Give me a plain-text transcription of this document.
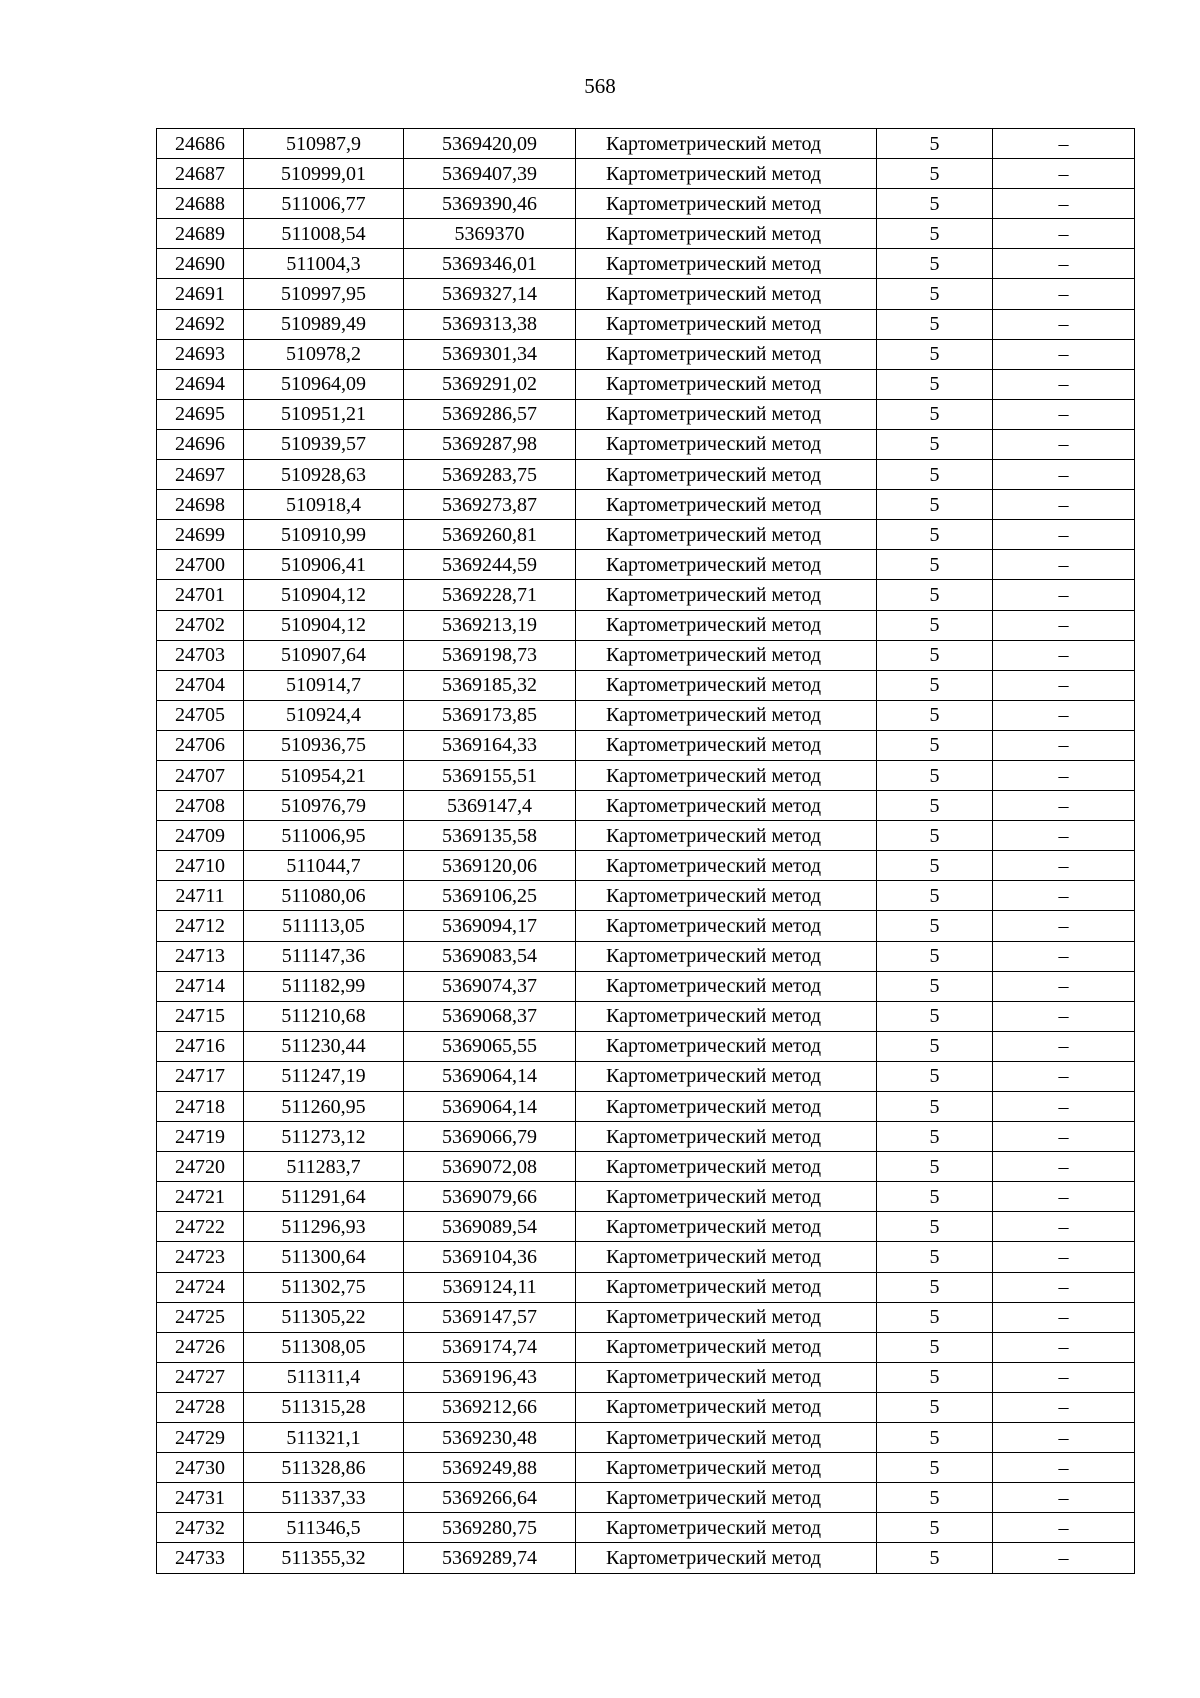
568
24686	510987,9	5369420,09	Картометрический метод	5	–
24687	510999,01	5369407,39	Картометрический метод	5	–
24688	511006,77	5369390,46	Картометрический метод	5	–
24689	511008,54	5369370	Картометрический метод	5	–
24690	511004,3	5369346,01	Картометрический метод	5	–
24691	510997,95	5369327,14	Картометрический метод	5	–
24692	510989,49	5369313,38	Картометрический метод	5	–
24693	510978,2	5369301,34	Картометрический метод	5	–
24694	510964,09	5369291,02	Картометрический метод	5	–
24695	510951,21	5369286,57	Картометрический метод	5	–
24696	510939,57	5369287,98	Картометрический метод	5	–
24697	510928,63	5369283,75	Картометрический метод	5	–
24698	510918,4	5369273,87	Картометрический метод	5	–
24699	510910,99	5369260,81	Картометрический метод	5	–
24700	510906,41	5369244,59	Картометрический метод	5	–
24701	510904,12	5369228,71	Картометрический метод	5	–
24702	510904,12	5369213,19	Картометрический метод	5	–
24703	510907,64	5369198,73	Картометрический метод	5	–
24704	510914,7	5369185,32	Картометрический метод	5	–
24705	510924,4	5369173,85	Картометрический метод	5	–
24706	510936,75	5369164,33	Картометрический метод	5	–
24707	510954,21	5369155,51	Картометрический метод	5	–
24708	510976,79	5369147,4	Картометрический метод	5	–
24709	511006,95	5369135,58	Картометрический метод	5	–
24710	511044,7	5369120,06	Картометрический метод	5	–
24711	511080,06	5369106,25	Картометрический метод	5	–
24712	511113,05	5369094,17	Картометрический метод	5	–
24713	511147,36	5369083,54	Картометрический метод	5	–
24714	511182,99	5369074,37	Картометрический метод	5	–
24715	511210,68	5369068,37	Картометрический метод	5	–
24716	511230,44	5369065,55	Картометрический метод	5	–
24717	511247,19	5369064,14	Картометрический метод	5	–
24718	511260,95	5369064,14	Картометрический метод	5	–
24719	511273,12	5369066,79	Картометрический метод	5	–
24720	511283,7	5369072,08	Картометрический метод	5	–
24721	511291,64	5369079,66	Картометрический метод	5	–
24722	511296,93	5369089,54	Картометрический метод	5	–
24723	511300,64	5369104,36	Картометрический метод	5	–
24724	511302,75	5369124,11	Картометрический метод	5	–
24725	511305,22	5369147,57	Картометрический метод	5	–
24726	511308,05	5369174,74	Картометрический метод	5	–
24727	511311,4	5369196,43	Картометрический метод	5	–
24728	511315,28	5369212,66	Картометрический метод	5	–
24729	511321,1	5369230,48	Картометрический метод	5	–
24730	511328,86	5369249,88	Картометрический метод	5	–
24731	511337,33	5369266,64	Картометрический метод	5	–
24732	511346,5	5369280,75	Картометрический метод	5	–
24733	511355,32	5369289,74	Картометрический метод	5	–
